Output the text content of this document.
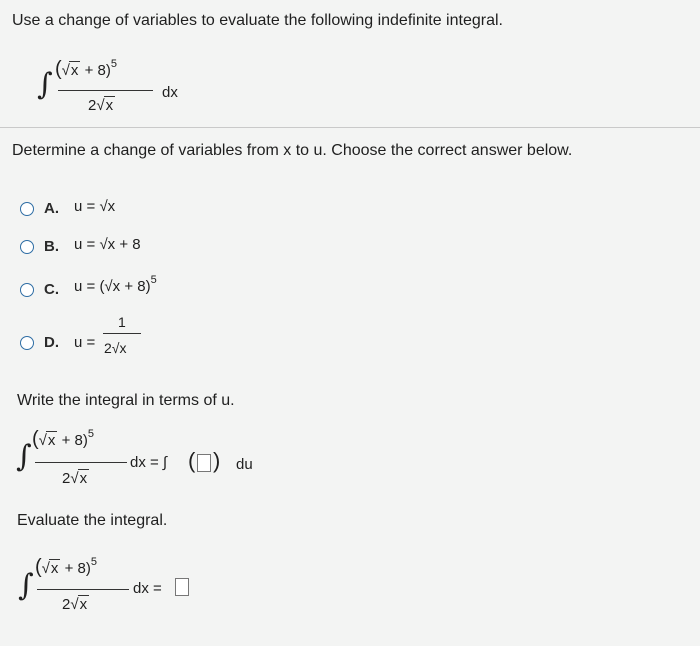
Use a change of variables to evaluate the following indefinite integral.
∫ $(√x + 8)^5$
2√x
dx
Determine a change of variables from x to u. Choose the correct answer below.
A. u = √x
B. u = √x + 8
C. $u = (√x + 8)^5$
D. u =
1
2√x
Write the integral in terms of u.
∫ $(√x + 8)^5$
2√x
dx = ∫ ( ) du
Evaluate the integral.
∫
$(√x + 8)^5$
2√x
dx =
